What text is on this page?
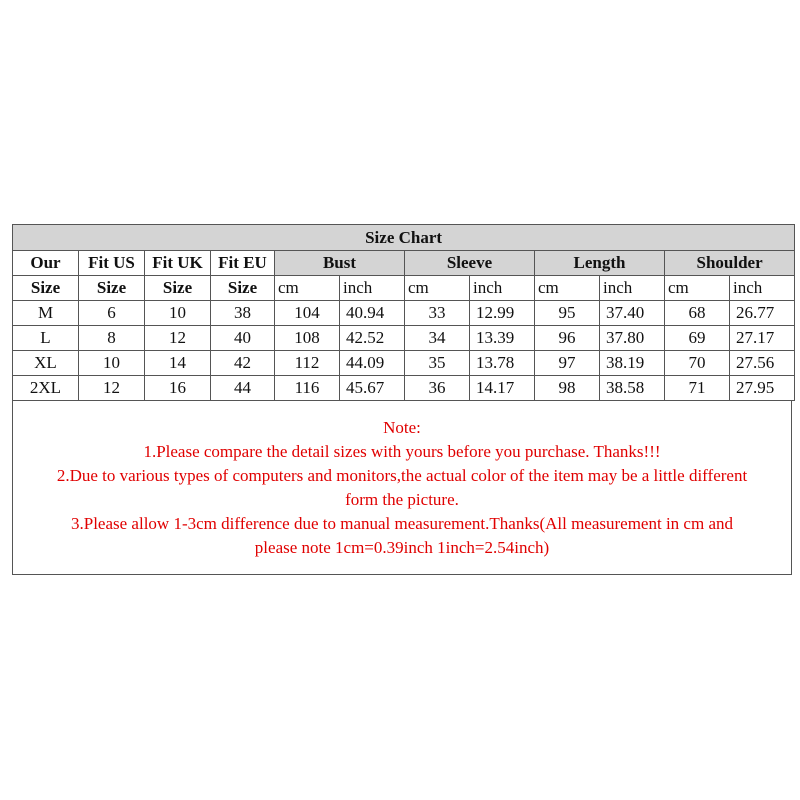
Size Chart											
Our	Fit US	Fit UK	Fit EU	Bust		Sleeve		Length		Shoulder	
Size	Size	Size	Size	cm	inch	cm	inch	cm	inch	cm	inch
M	6	10	38	104	40.94	33	12.99	95	37.40	68	26.77
L	8	12	40	108	42.52	34	13.39	96	37.80	69	27.17
XL	10	14	42	112	44.09	35	13.78	97	38.19	70	27.56
2XL	12	16	44	116	45.67	36	14.17	98	38.58	71	27.95

Note:

1.Please compare the detail sizes with yours before you purchase. Thanks!!!

2.Due to various types of computers and monitors,the actual color of the item may be a little different

form the picture.

3.Please allow 1-3cm difference due to manual measurement.Thanks(All measurement in cm and

please note 1cm=0.39inch 1inch=2.54inch)
